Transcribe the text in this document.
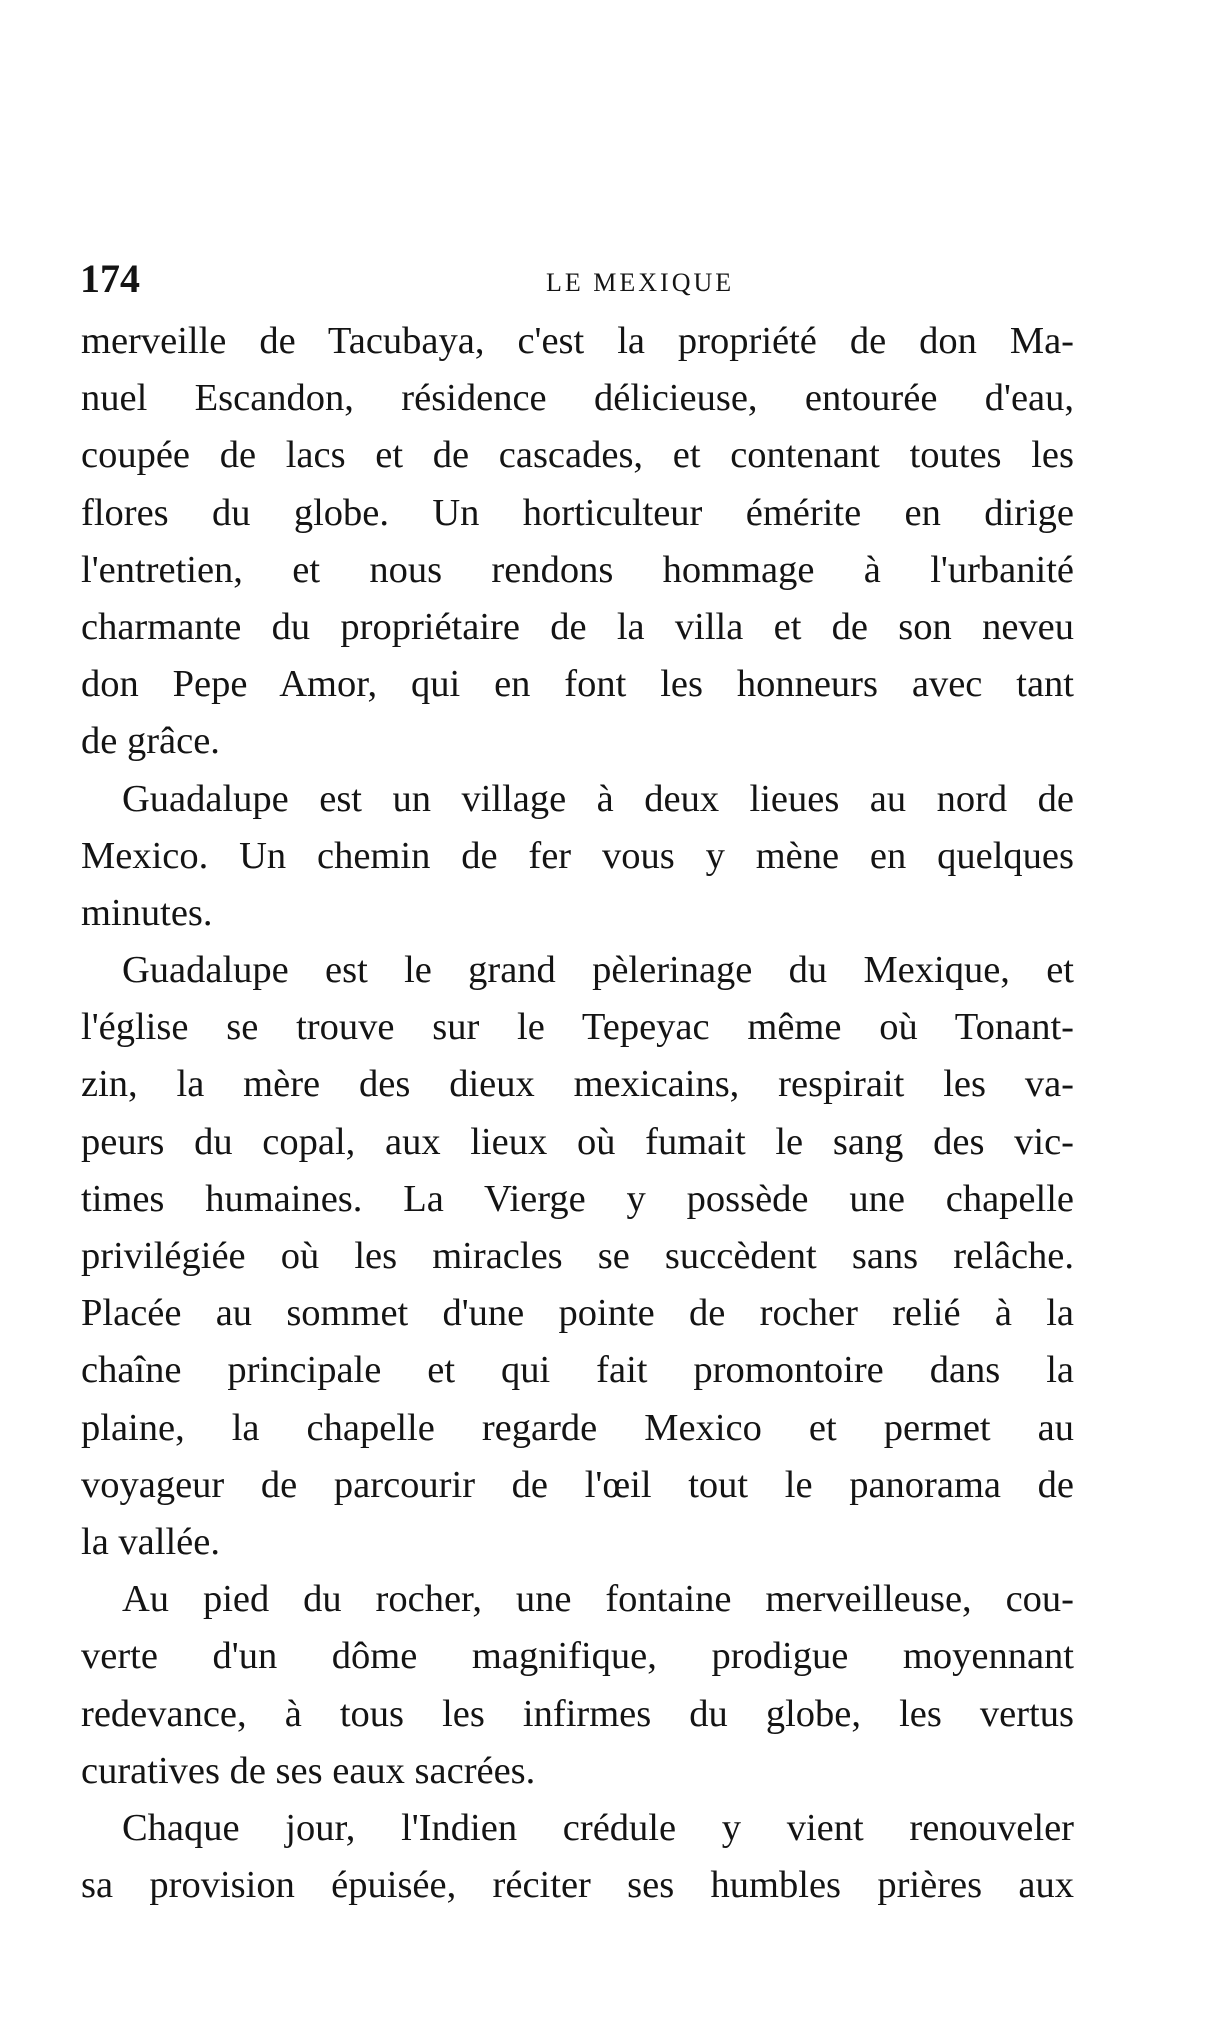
174	LE MEXIQUE
merveille de Tacubaya, c'est la propriété de don Ma-
nuel Escandon, résidence délicieuse, entourée d'eau,
coupée de lacs et de cascades, et contenant toutes les
flores du globe. Un horticulteur émérite en dirige
l'entretien, et nous rendons hommage à l'urbanité
charmante du propriétaire de la villa et de son neveu
don Pepe Amor, qui en font les honneurs avec tant
de grâce.
Guadalupe est un village à deux lieues au nord de
Mexico. Un chemin de fer vous y mène en quelques
minutes.
Guadalupe est le grand pèlerinage du Mexique, et
l'église se trouve sur le Tepeyac même où Tonant-
zin, la mère des dieux mexicains, respirait les va-
peurs du copal, aux lieux où fumait le sang des vic-
times humaines. La Vierge y possède une chapelle
privilégiée où les miracles se succèdent sans relâche.
Placée au sommet d'une pointe de rocher relié à la
chaîne principale et qui fait promontoire dans la
plaine, la chapelle regarde Mexico et permet au
voyageur de parcourir de l'œil tout le panorama de
la vallée.
Au pied du rocher, une fontaine merveilleuse, cou-
verte d'un dôme magnifique, prodigue moyennant
redevance, à tous les infirmes du globe, les vertus
curatives de ses eaux sacrées.
Chaque jour, l'Indien crédule y vient renouveler
sa provision épuisée, réciter ses humbles prières aux
